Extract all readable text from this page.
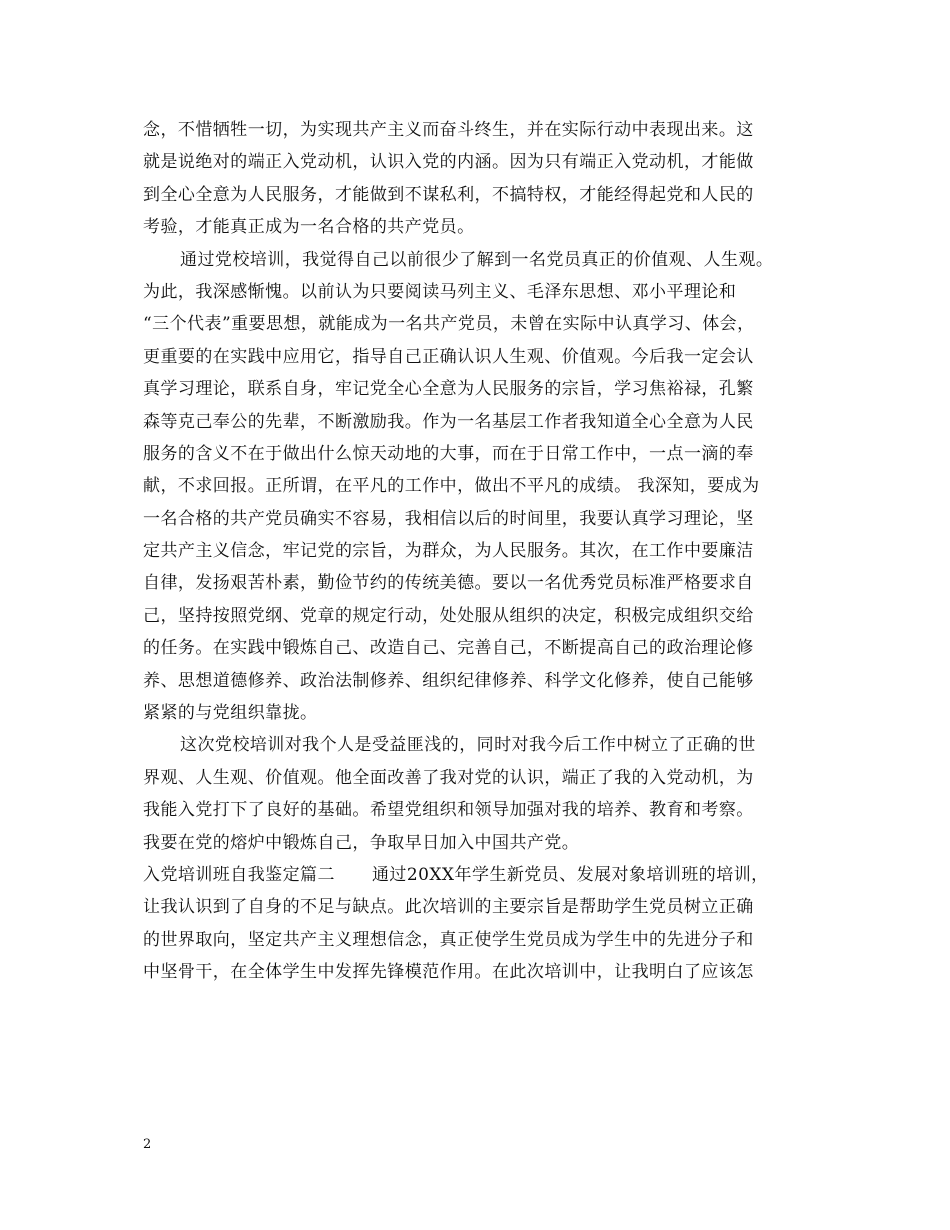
念，不惜牺牲一切，为实现共产主义而奋斗终生，并在实际行动中表现出来。这
就是说绝对的端正入党动机，认识入党的内涵。因为只有端正入党动机，才能做
到全心全意为人民服务，才能做到不谋私利，不搞特权，才能经得起党和人民的
考验，才能真正成为一名合格的共产党员。
通过党校培训，我觉得自己以前很少了解到一名党员真正的价值观、人生观。
为此，我深感惭愧。以前认为只要阅读马列主义、毛泽东思想、邓小平理论和
“三个代表”重要思想，就能成为一名共产党员，未曾在实际中认真学习、体会，
更重要的在实践中应用它，指导自己正确认识人生观、价值观。今后我一定会认
真学习理论，联系自身，牢记党全心全意为人民服务的宗旨，学习焦裕禄，孔繁
森等克己奉公的先辈，不断激励我。作为一名基层工作者我知道全心全意为人民
服务的含义不在于做出什么惊天动地的大事，而在于日常工作中，一点一滴的奉
献，不求回报。正所谓，在平凡的工作中，做出不平凡的成绩。 我深知，要成为
一名合格的共产党员确实不容易，我相信以后的时间里，我要认真学习理论，坚
定共产主义信念，牢记党的宗旨，为群众，为人民服务。其次，在工作中要廉洁
自律，发扬艰苦朴素，勤俭节约的传统美德。要以一名优秀党员标准严格要求自
己，坚持按照党纲、党章的规定行动，处处服从组织的决定，积极完成组织交给
的任务。在实践中锻炼自己、改造自己、完善自己，不断提高自己的政治理论修
养、思想道德修养、政治法制修养、组织纪律修养、科学文化修养，使自己能够
紧紧的与党组织靠拢。
这次党校培训对我个人是受益匪浅的，同时对我今后工作中树立了正确的世
界观、人生观、价值观。他全面改善了我对党的认识，端正了我的入党动机，为
我能入党打下了良好的基础。希望党组织和领导加强对我的培养、教育和考察。
我要在党的熔炉中锻炼自己，争取早日加入中国共产党。
入党培训班自我鉴定篇二 通过20XX年学生新党员、发展对象培训班的培训，
让我认识到了自身的不足与缺点。此次培训的主要宗旨是帮助学生党员树立正确
的世界取向，坚定共产主义理想信念，真正使学生党员成为学生中的先进分子和
中坚骨干，在全体学生中发挥先锋模范作用。在此次培训中，让我明白了应该怎
2
